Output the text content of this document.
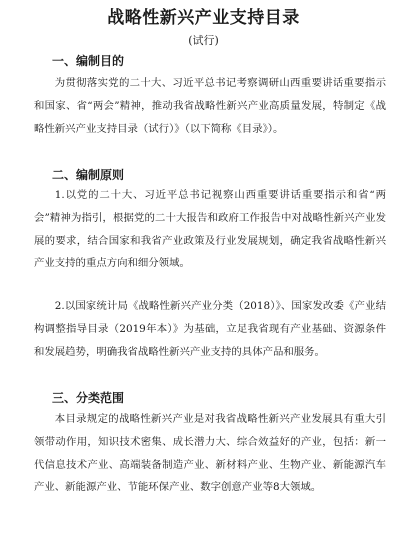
战略性新兴产业支持目录
(试行)
一、编制目的
为贯彻落实党的二十大、习近平总书记考察调研山西重要讲话重要指示和国家、省“两会”精神，推动我省战略性新兴产业高质量发展，特制定《战略性新兴产业支持目录（试行）》（以下简称《目录》）。
二、编制原则
1.以党的二十大、习近平总书记视察山西重要讲话重要指示和省“两会”精神为指引，根据党的二十大报告和政府工作报告中对战略性新兴产业发展的要求，结合国家和我省产业政策及行业发展规划，确定我省战略性新兴产业支持的重点方向和细分领域。
2.以国家统计局《战略性新兴产业分类（2018）》、国家发改委《产业结构调整指导目录（2019年本）》为基础，立足我省现有产业基础、资源条件和发展趋势，明确我省战略性新兴产业支持的具体产品和服务。
三、分类范围
本目录规定的战略性新兴产业是对我省战略性新兴产业发展具有重大引领带动作用，知识技术密集、成长潜力大、综合效益好的产业，包括：新一代信息技术产业、高端装备制造产业、新材料产业、生物产业、新能源汽车产业、新能源产业、节能环保产业、数字创意产业等8大领域。
